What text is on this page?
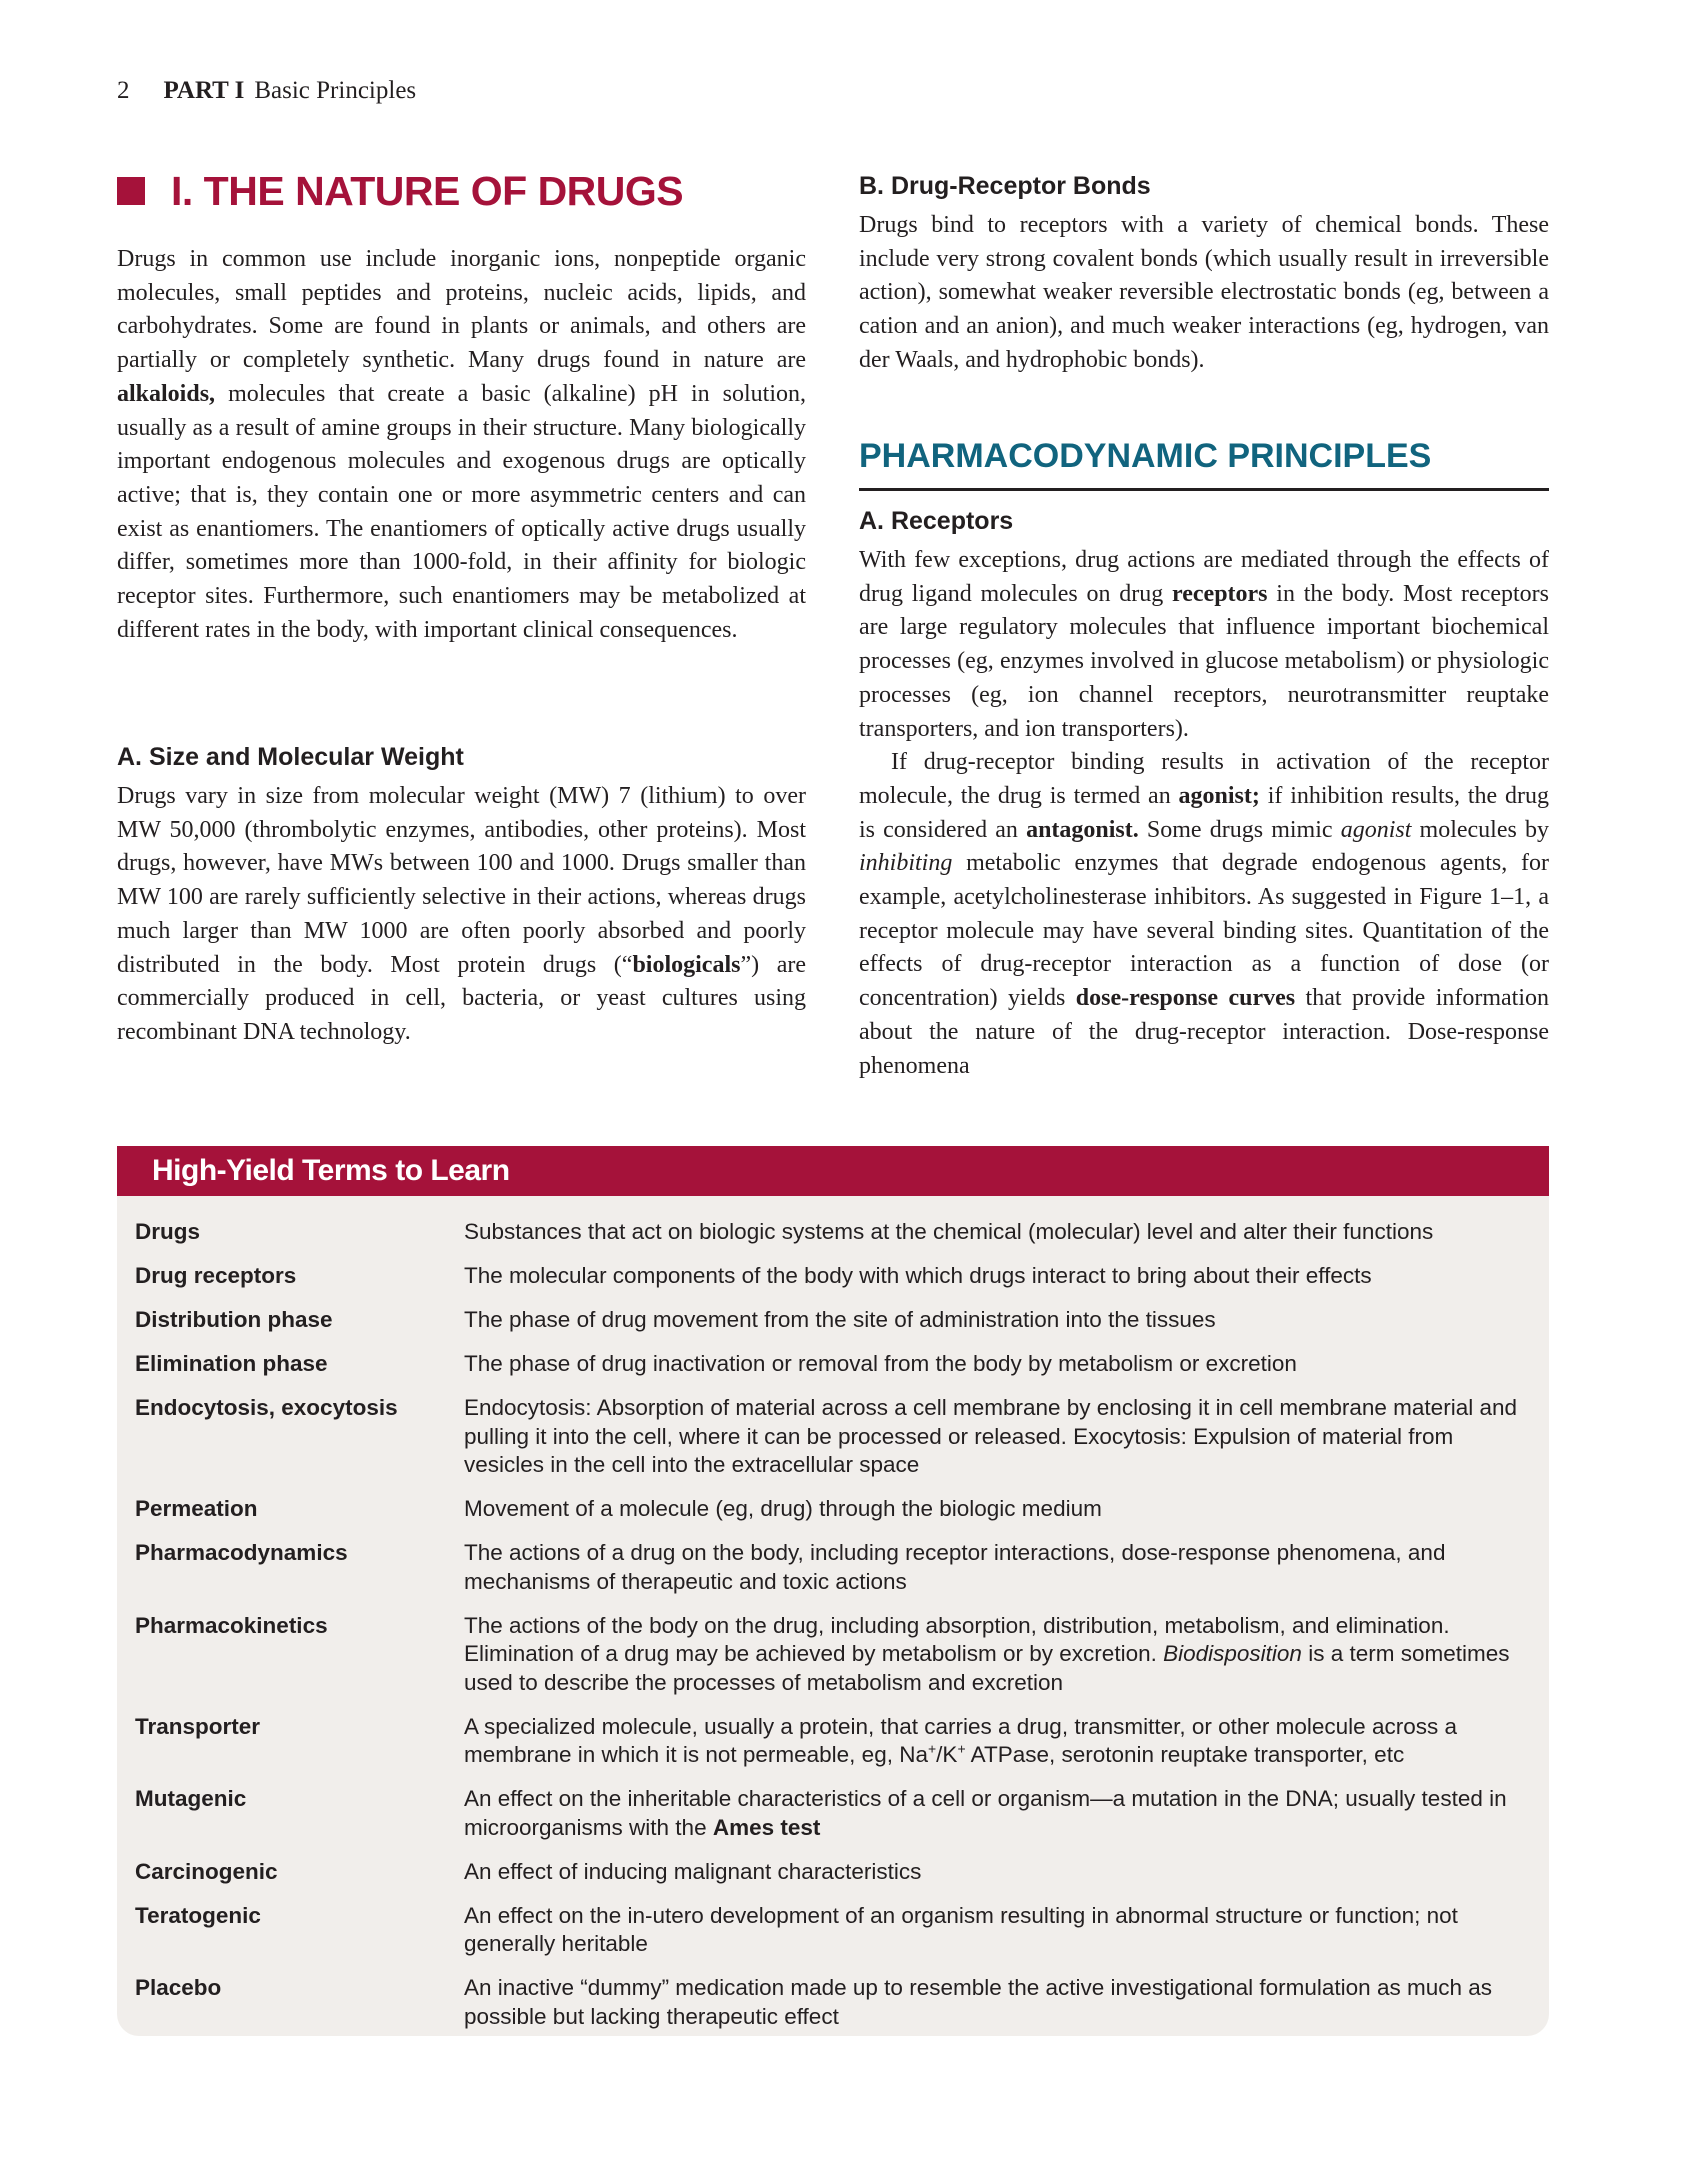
2 PART I Basic Principles
I. THE NATURE OF DRUGS

Drugs in common use include inorganic ions, nonpeptide organic molecules, small peptides and proteins, nucleic acids, lipids, and carbohydrates. Some are found in plants or animals, and others are partially or completely synthetic. Many drugs found in nature are alkaloids, molecules that create a basic (alkaline) pH in solution, usually as a result of amine groups in their structure. Many biologically important endogenous molecules and exogenous drugs are optically active; that is, they contain one or more asymmetric centers and can exist as enantiomers. The enantiomers of optically active drugs usually differ, sometimes more than 1000-fold, in their affinity for biologic receptor sites. Furthermore, such enantiomers may be metabolized at different rates in the body, with important clinical consequences.

A. Size and Molecular Weight

Drugs vary in size from molecular weight (MW) 7 (lithium) to over MW 50,000 (thrombolytic enzymes, antibodies, other proteins). Most drugs, however, have MWs between 100 and 1000. Drugs smaller than MW 100 are rarely sufficiently selective in their actions, whereas drugs much larger than MW 1000 are often poorly absorbed and poorly distributed in the body. Most protein drugs (“biologicals”) are commercially produced in cell, bacteria, or yeast cultures using recombinant DNA technology.

B. Drug-Receptor Bonds

Drugs bind to receptors with a variety of chemical bonds. These include very strong covalent bonds (which usually result in irreversible action), somewhat weaker reversible electrostatic bonds (eg, between a cation and an anion), and much weaker interactions (eg, hydrogen, van der Waals, and hydrophobic bonds).

PHARMACODYNAMIC PRINCIPLES
A. Receptors

With few exceptions, drug actions are mediated through the effects of drug ligand molecules on drug receptors in the body. Most receptors are large regulatory molecules that influence important biochemical processes (eg, enzymes involved in glucose metabolism) or physiologic processes (eg, ion channel receptors, neurotransmitter reuptake transporters, and ion transporters).

If drug-receptor binding results in activation of the receptor molecule, the drug is termed an agonist; if inhibition results, the drug is considered an antagonist. Some drugs mimic agonist molecules by inhibiting metabolic enzymes that degrade endogenous agents, for example, acetylcholinesterase inhibitors. As suggested in Figure 1–1, a receptor molecule may have several binding sites. Quantitation of the effects of drug-receptor interaction as a function of dose (or concentration) yields dose-response curves that provide information about the nature of the drug-receptor interaction. Dose-response phenomena

High-Yield Terms to Learn
Drugs	Substances that act on biologic systems at the chemical (molecular) level and alter their functions
Drug receptors	The molecular components of the body with which drugs interact to bring about their effects
Distribution phase	The phase of drug movement from the site of administration into the tissues
Elimination phase	The phase of drug inactivation or removal from the body by metabolism or excretion
Endocytosis, exocytosis	Endocytosis: Absorption of material across a cell membrane by enclosing it in cell membrane material and pulling it into the cell, where it can be processed or released. Exocytosis: Expulsion of material from vesicles in the cell into the extracellular space
Permeation	Movement of a molecule (eg, drug) through the biologic medium
Pharmacodynamics	The actions of a drug on the body, including receptor interactions, dose-response phenomena, and mechanisms of therapeutic and toxic actions
Pharmacokinetics	The actions of the body on the drug, including absorption, distribution, metabolism, and elimination. Elimination of a drug may be achieved by metabolism or by excretion. Biodisposition is a term sometimes used to describe the processes of metabolism and excretion
Transporter	A specialized molecule, usually a protein, that carries a drug, transmitter, or other molecule across a membrane in which it is not permeable, eg, Na+/K+ ATPase, serotonin reuptake transporter, etc
Mutagenic	An effect on the inheritable characteristics of a cell or organism—a mutation in the DNA; usually tested in microorganisms with the Ames test
Carcinogenic	An effect of inducing malignant characteristics
Teratogenic	An effect on the in-utero development of an organism resulting in abnormal structure or function; not generally heritable
Placebo	An inactive “dummy” medication made up to resemble the active investigational formulation as much as possible but lacking therapeutic effect
